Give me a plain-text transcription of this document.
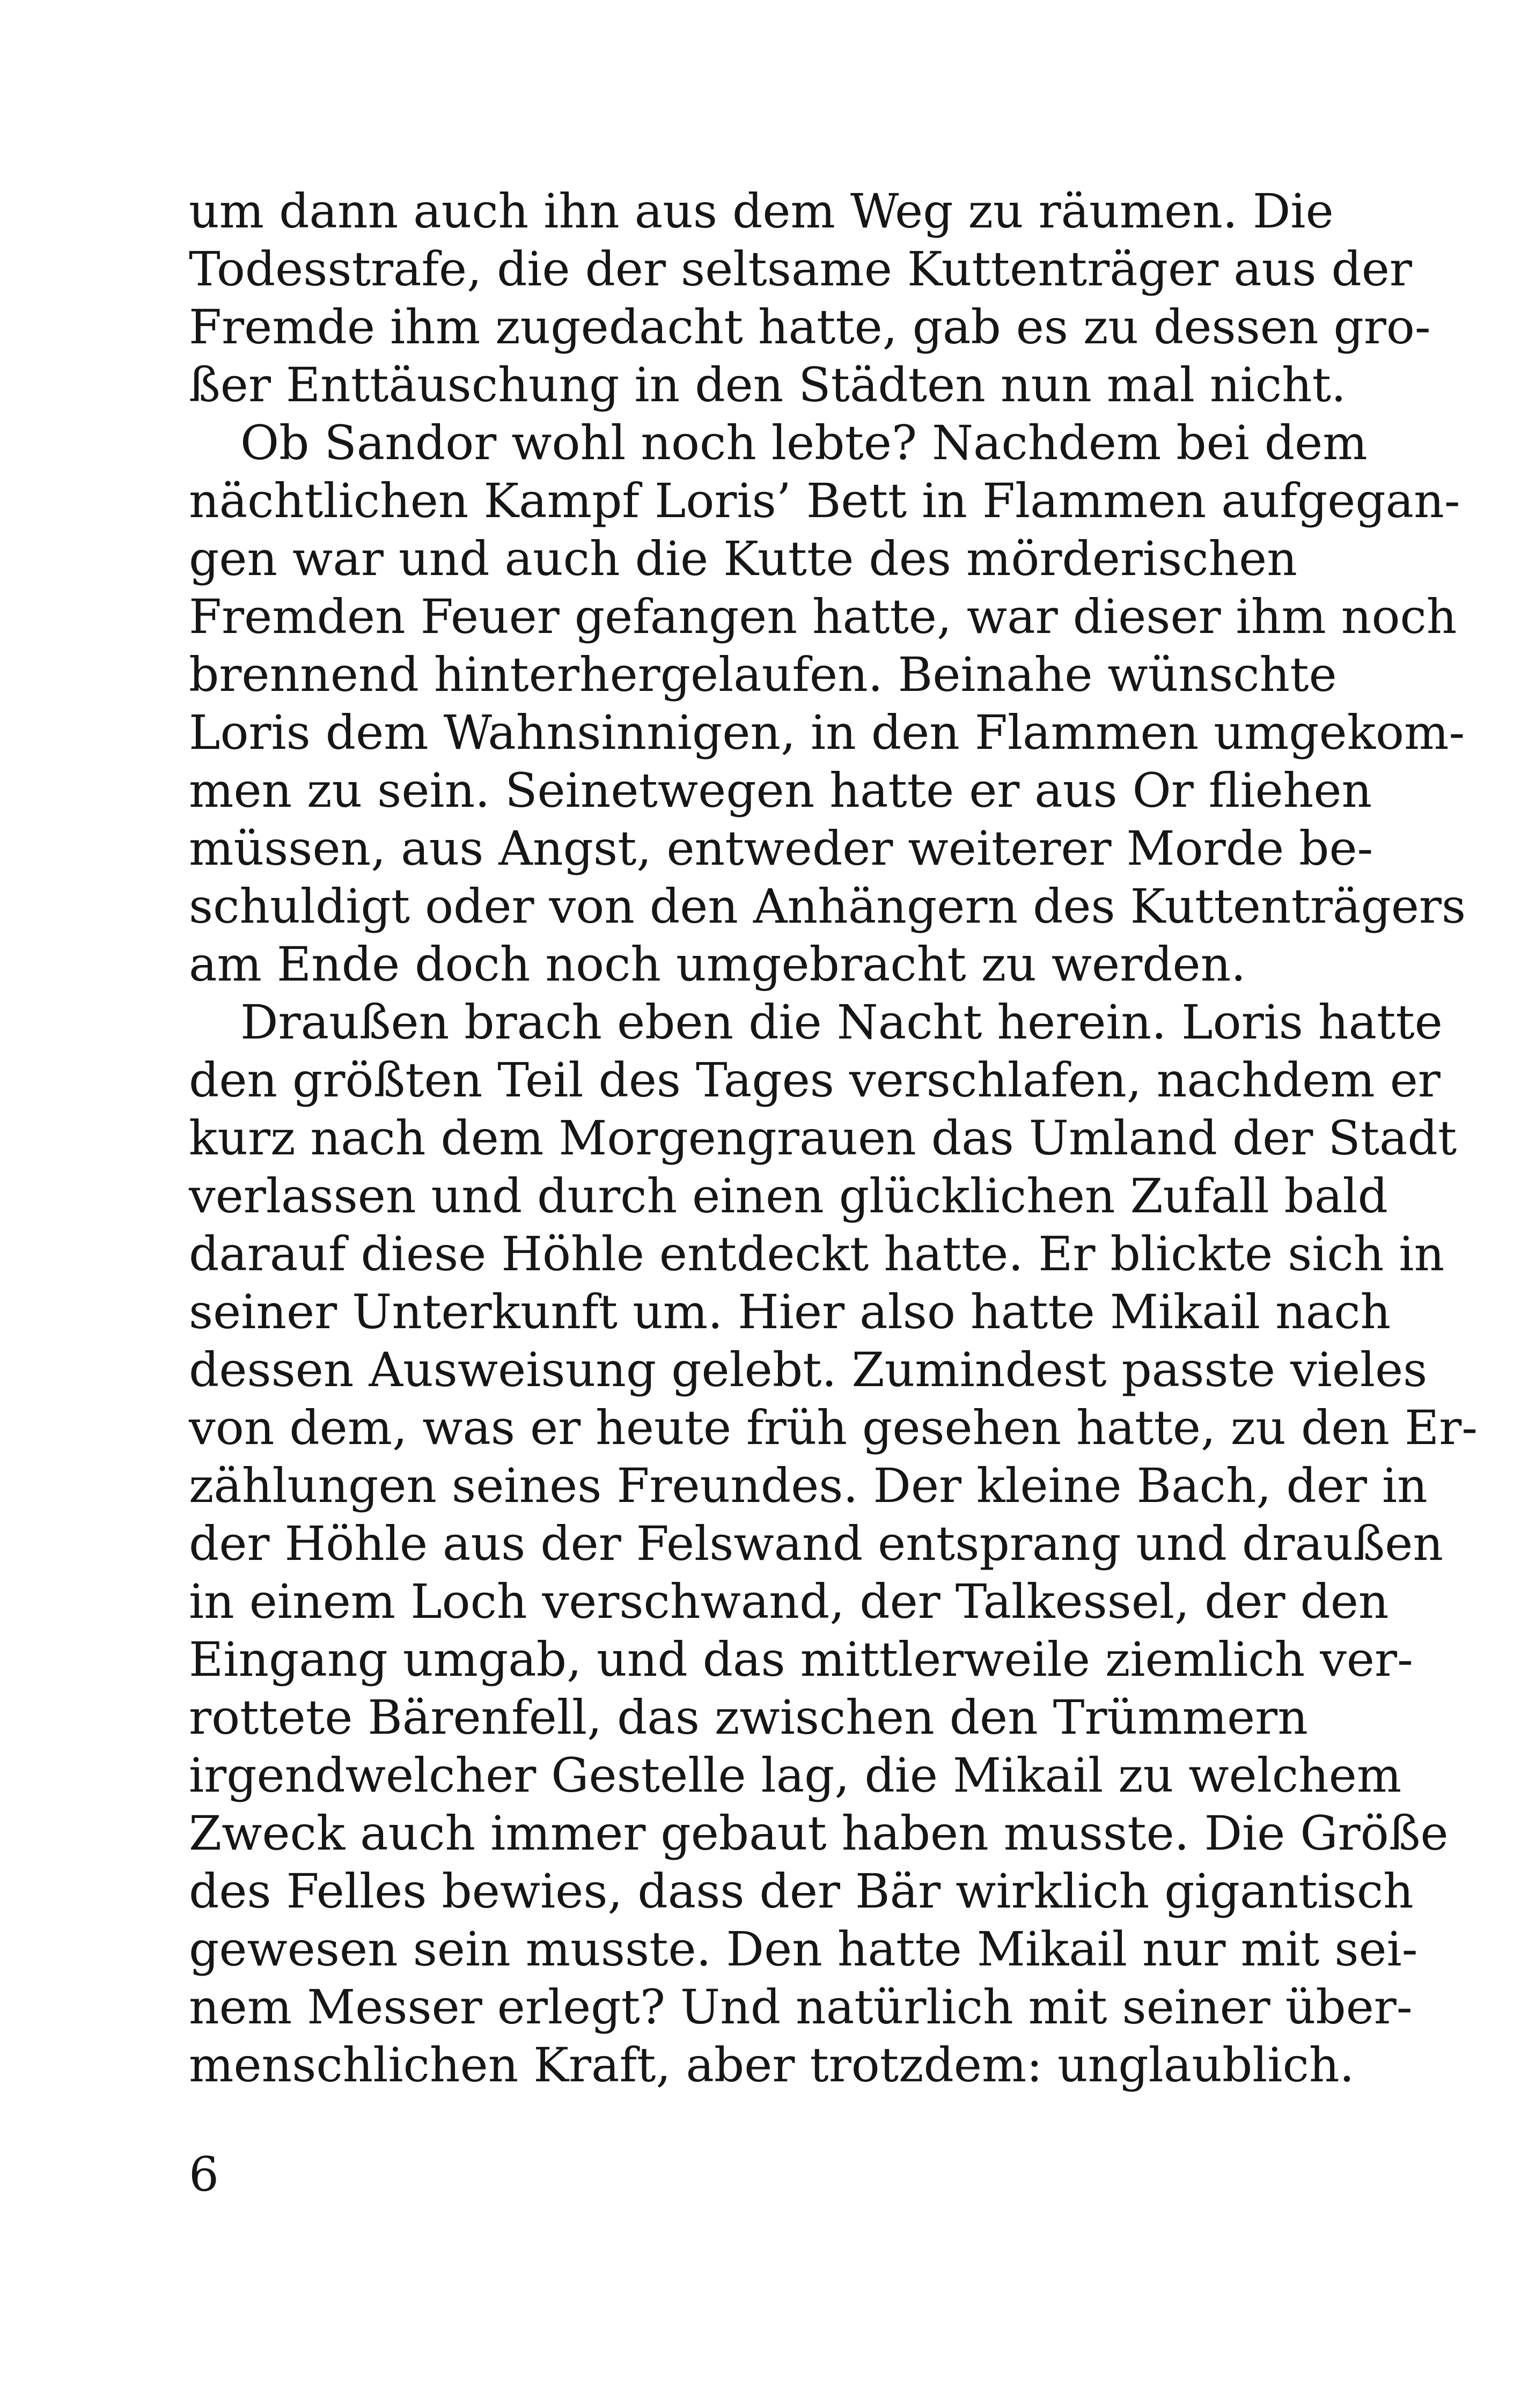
um dann auch ihn aus dem Weg zu räumen. Die
Todesstrafe, die der seltsame Kuttenträger aus der
Fremde ihm zugedacht hatte, gab es zu dessen gro-
ßer Enttäuschung in den Städten nun mal nicht.
Ob Sandor wohl noch lebte? Nachdem bei dem
nächtlichen Kampf Loris’ Bett in Flammen aufgegan-
gen war und auch die Kutte des mörderischen
Fremden Feuer gefangen hatte, war dieser ihm noch
brennend hinterhergelaufen. Beinahe wünschte
Loris dem Wahnsinnigen, in den Flammen umgekom-
men zu sein. Seinetwegen hatte er aus Or fliehen
müssen, aus Angst, entweder weiterer Morde be-
schuldigt oder von den Anhängern des Kuttenträgers
am Ende doch noch umgebracht zu werden.
Draußen brach eben die Nacht herein. Loris hatte
den größten Teil des Tages verschlafen, nachdem er
kurz nach dem Morgengrauen das Umland der Stadt
verlassen und durch einen glücklichen Zufall bald
darauf diese Höhle entdeckt hatte. Er blickte sich in
seiner Unterkunft um. Hier also hatte Mikail nach
dessen Ausweisung gelebt. Zumindest passte vieles
von dem, was er heute früh gesehen hatte, zu den Er-
zählungen seines Freundes. Der kleine Bach, der in
der Höhle aus der Felswand entsprang und draußen
in einem Loch verschwand, der Talkessel, der den
Eingang umgab, und das mittlerweile ziemlich ver-
rottete Bärenfell, das zwischen den Trümmern
irgendwelcher Gestelle lag, die Mikail zu welchem
Zweck auch immer gebaut haben musste. Die Größe
des Felles bewies, dass der Bär wirklich gigantisch
gewesen sein musste. Den hatte Mikail nur mit sei-
nem Messer erlegt? Und natürlich mit seiner über-
menschlichen Kraft, aber trotzdem: unglaublich.
6
